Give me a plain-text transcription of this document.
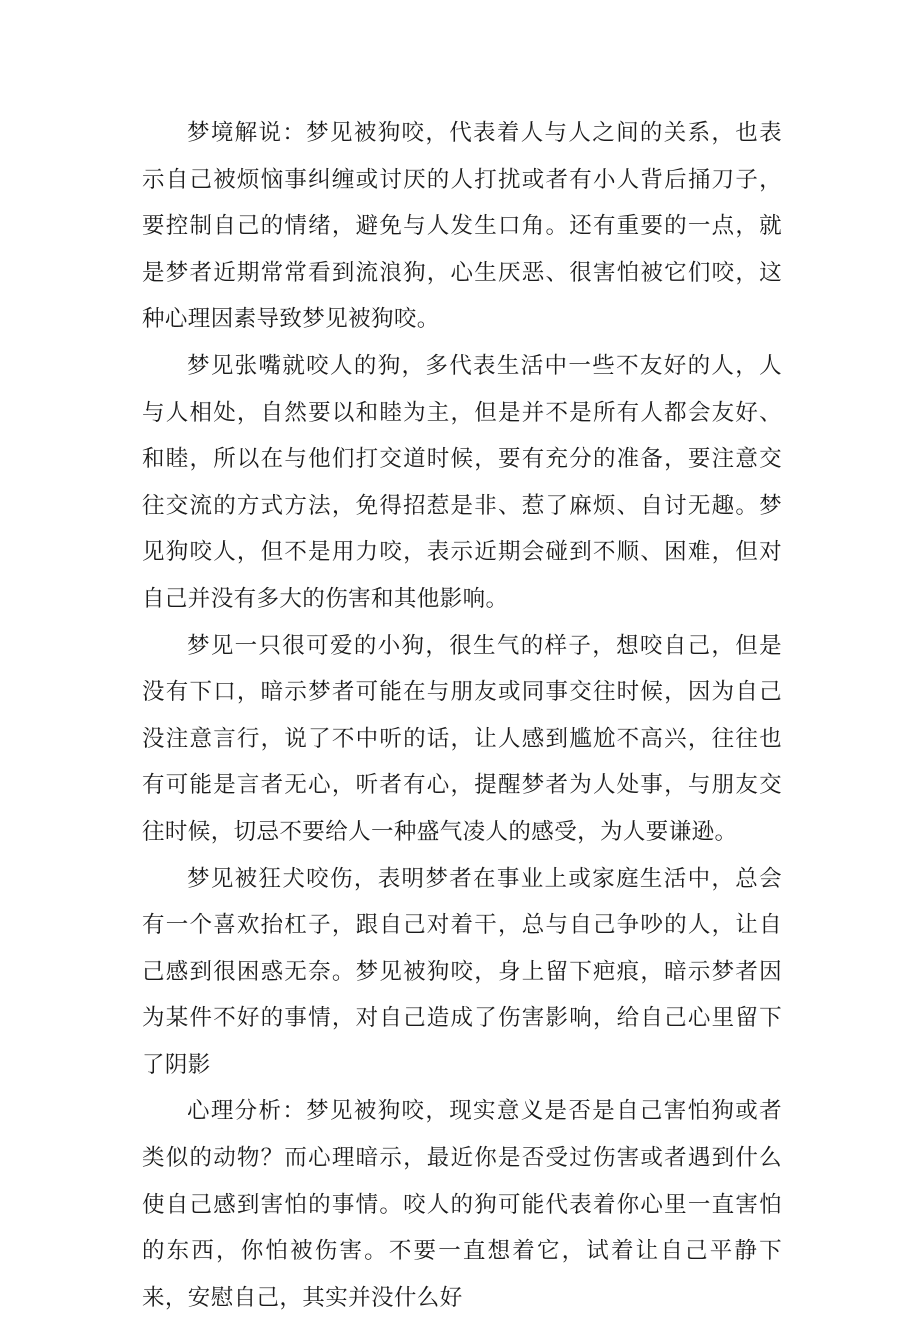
梦境解说：梦见被狗咬，代表着人与人之间的关系，也表示自己被烦恼事纠缠或讨厌的人打扰或者有小人背后捅刀子，要控制自己的情绪，避免与人发生口角。还有重要的一点，就是梦者近期常常看到流浪狗，心生厌恶、很害怕被它们咬，这种心理因素导致梦见被狗咬。

梦见张嘴就咬人的狗，多代表生活中一些不友好的人，人与人相处，自然要以和睦为主，但是并不是所有人都会友好、和睦，所以在与他们打交道时候，要有充分的准备，要注意交往交流的方式方法，免得招惹是非、惹了麻烦、自讨无趣。梦见狗咬人，但不是用力咬，表示近期会碰到不顺、困难，但对自己并没有多大的伤害和其他影响。

梦见一只很可爱的小狗，很生气的样子，想咬自己，但是没有下口，暗示梦者可能在与朋友或同事交往时候，因为自己没注意言行，说了不中听的话，让人感到尴尬不高兴，往往也有可能是言者无心，听者有心，提醒梦者为人处事，与朋友交往时候，切忌不要给人一种盛气凌人的感受，为人要谦逊。

梦见被狂犬咬伤，表明梦者在事业上或家庭生活中，总会有一个喜欢抬杠子，跟自己对着干，总与自己争吵的人，让自己感到很困惑无奈。梦见被狗咬，身上留下疤痕，暗示梦者因为某件不好的事情，对自己造成了伤害影响，给自己心里留下了阴影

心理分析：梦见被狗咬，现实意义是否是自己害怕狗或者类似的动物？而心理暗示，最近你是否受过伤害或者遇到什么使自己感到害怕的事情。咬人的狗可能代表着你心里一直害怕的东西，你怕被伤害。不要一直想着它，试着让自己平静下来，安慰自己，其实并没什么好
